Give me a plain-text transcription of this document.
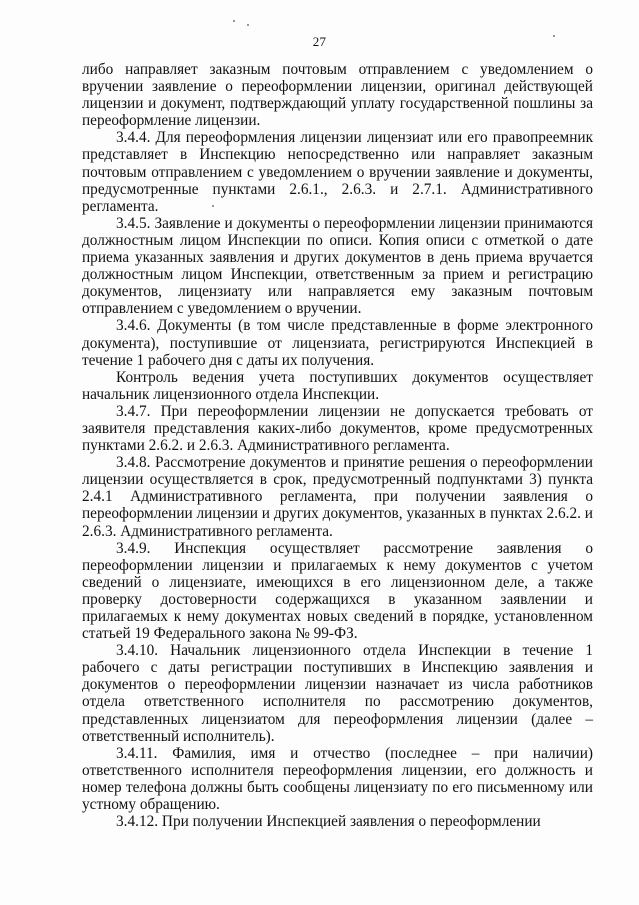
27

либо направляет заказным почтовым отправлением с уведомлением о вручении заявление о переоформлении лицензии, оригинал действующей лицензии и документ, подтверждающий уплату государственной пошлины за переоформление лицензии.

3.4.4. Для переоформления лицензии лицензиат или его правопреемник представляет в Инспекцию непосредственно или направляет заказным почтовым отправлением с уведомлением о вручении заявление и документы, предусмотренные пунктами 2.6.1., 2.6.3. и 2.7.1. Административного регламента.

3.4.5. Заявление и документы о переоформлении лицензии принимаются должностным лицом Инспекции по описи. Копия описи с отметкой о дате приема указанных заявления и других документов в день приема вручается должностным лицом Инспекции, ответственным за прием и регистрацию документов, лицензиату или направляется ему заказным почтовым отправлением с уведомлением о вручении.

3.4.6. Документы (в том числе представленные в форме электронного документа), поступившие от лицензиата, регистрируются Инспекцией в течение 1 рабочего дня с даты их получения.

Контроль ведения учета поступивших документов осуществляет начальник лицензионного отдела Инспекции.

3.4.7. При переоформлении лицензии не допускается требовать от заявителя представления каких-либо документов, кроме предусмотренных пунктами 2.6.2. и 2.6.3. Административного регламента.

3.4.8. Рассмотрение документов и принятие решения о переоформлении лицензии осуществляется в срок, предусмотренный подпунктами 3) пункта 2.4.1 Административного регламента, при получении заявления о переоформлении лицензии и других документов, указанных в пунктах 2.6.2. и 2.6.3. Административного регламента.

3.4.9. Инспекция осуществляет рассмотрение заявления о переоформлении лицензии и прилагаемых к нему документов с учетом сведений о лицензиате, имеющихся в его лицензионном деле, а также проверку достоверности содержащихся в указанном заявлении и прилагаемых к нему документах новых сведений в порядке, установленном статьей 19 Федерального закона № 99-ФЗ.

3.4.10. Начальник лицензионного отдела Инспекции в течение 1 рабочего с даты регистрации поступивших в Инспекцию заявления и документов о переоформлении лицензии назначает из числа работников отдела ответственного исполнителя по рассмотрению документов, представленных лицензиатом для переоформления лицензии (далее – ответственный исполнитель).

3.4.11. Фамилия, имя и отчество (последнее – при наличии) ответственного исполнителя переоформления лицензии, его должность и номер телефона должны быть сообщены лицензиату по его письменному или устному обращению.

3.4.12. При получении Инспекцией заявления о переоформлении
